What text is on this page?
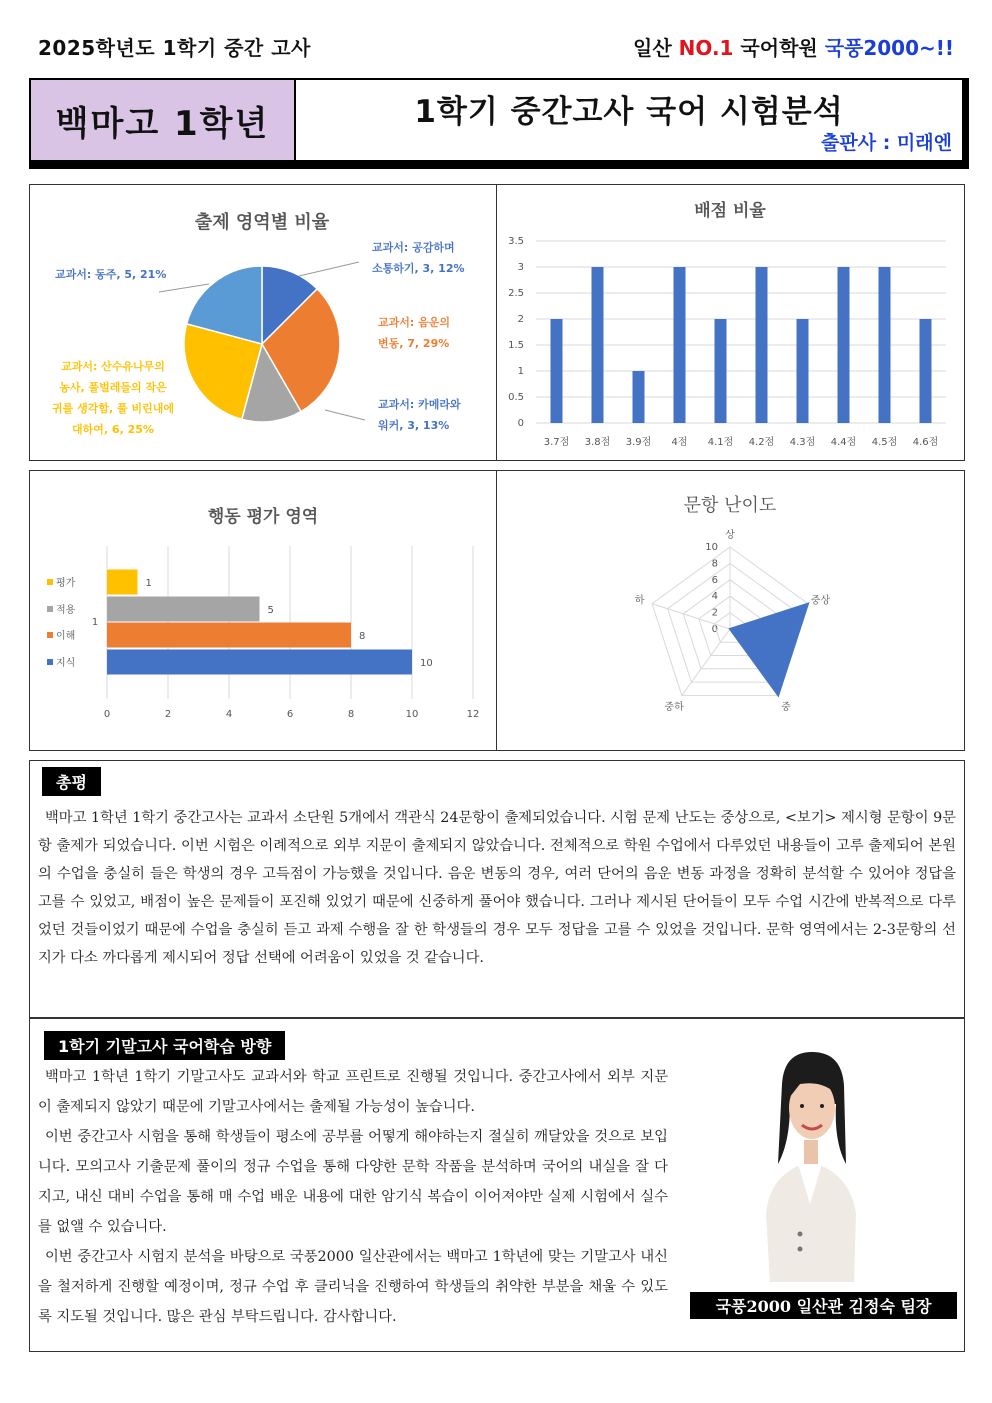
2025학년도 1학기 중간 고사	일산 NO.1 국어학원 국풍2000~!!
백마고 1학년	1학기 중간고사 국어 시험분석
출판사 : 미래엔
출제 영역별 비율
교과서: 공감하며
소통하기, 3, 12%
교과서: 음운의
변동, 7, 29%
교과서: 카메라와
워커, 3, 13%
교과서: 산수유나무의
농사, 풀벌레들의 작은
귀를 생각함, 풀 비린내에
대하여, 6, 25%
교과서: 동주, 5, 21%
배점 비율
0
0.5
1
1.5
2
2.5
3
3.5
3.7점 3.8점 3.9점 4점 4.1점 4.2점 4.3점 4.4점 4.5점 4.6점
행동 평가 영역
0	2	4	6	8	10	12
1
5
8
10
평가
적용
이해
지식
1
문항 난이도
0
2
4
6
8
10
상
중상
중
중하
하
총평
백마고 1학년 1학기 중간고사는 교과서 소단원 5개에서 객관식 24문항이 출제되었습니다. 시험 문제 난도는 중상으로, <보기> 제시형 문항이 9문항 출제가 되었습니다. 이번 시험은 이례적으로 외부 지문이 출제되지 않았습니다. 전체적으로 학원 수업에서 다루었던 내용들이 고루 출제되어 본원의 수업을 충실히 들은 학생의 경우 고득점이 가능했을 것입니다. 음운 변동의 경우, 여러 단어의 음운 변동 과정을 정확히 분석할 수 있어야 정답을 고를 수 있었고, 배점이 높은 문제들이 포진해 있었기 때문에 신중하게 풀어야 했습니다. 그러나 제시된 단어들이 모두 수업 시간에 반복적으로 다루었던 것들이었기 때문에 수업을 충실히 듣고 과제 수행을 잘 한 학생들의 경우 모두 정답을 고를 수 있었을 것입니다. 문학 영역에서는 2-3문항의 선지가 다소 까다롭게 제시되어 정답 선택에 어려움이 있었을 것 같습니다.
1학기 기말고사 국어학습 방향

백마고 1학년 1학기 기말고사도 교과서와 학교 프린트로 진행될 것입니다. 중간고사에서 외부 지문이 출제되지 않았기 때문에 기말고사에서는 출제될 가능성이 높습니다.

이번 중간고사 시험을 통해 학생들이 평소에 공부를 어떻게 해야하는지 절실히 깨달았을 것으로 보입니다. 모의고사 기출문제 풀이의 정규 수업을 통해 다양한 문학 작품을 분석하며 국어의 내실을 잘 다지고, 내신 대비 수업을 통해 매 수업 배운 내용에 대한 암기식 복습이 이어져야만 실제 시험에서 실수를 없앨 수 있습니다.

이번 중간고사 시험지 분석을 바탕으로 국풍2000 일산관에서는 백마고 1학년에 맞는 기말고사 내신을 철저하게 진행할 예정이며, 정규 수업 후 클리닉을 진행하여 학생들의 취약한 부분을 채울 수 있도록 지도될 것입니다. 많은 관심 부탁드립니다. 감사합니다.

국풍2000 일산관 김정숙 팀장
